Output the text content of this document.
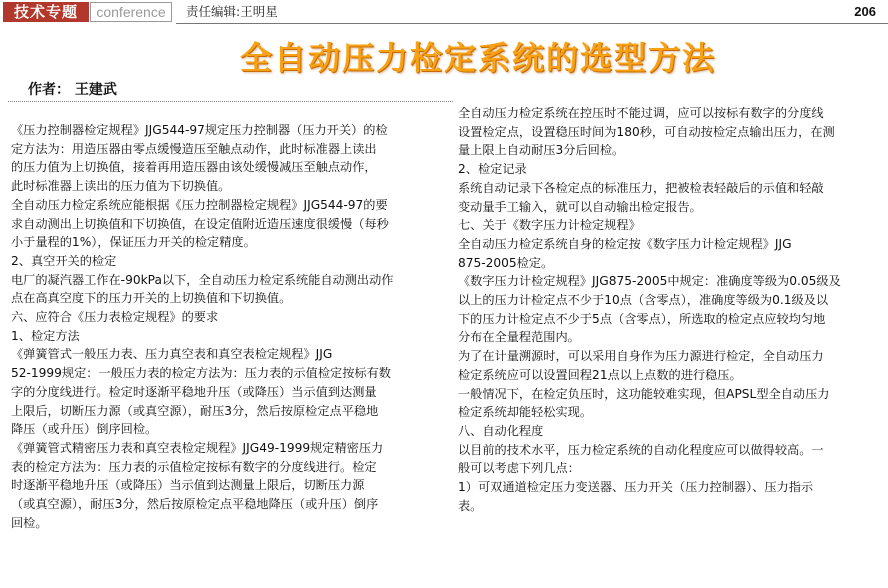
技术专题	conference	责任编辑:王明星	206
全自动压力检定系统的选型方法
作者： 王建武

《压力控制器检定规程》JJG544-97规定压力控制器（压力开关）的检

定方法为：用造压器由零点缓慢造压至触点动作，此时标准器上读出

的压力值为上切换值，接着再用造压器由该处缓慢减压至触点动作，

此时标准器上读出的压力值为下切换值。

全自动压力检定系统应能根据《压力控制器检定规程》JJG544-97的要

求自动测出上切换值和下切换值，在设定值附近造压速度很缓慢（每秒

小于量程的1%），保证压力开关的检定精度。

2、真空开关的检定

电厂的凝汽器工作在-90kPa以下，全自动压力检定系统能自动测出动作

点在高真空度下的压力开关的上切换值和下切换值。

六、应符合《压力表检定规程》的要求

1、检定方法

《弹簧管式一般压力表、压力真空表和真空表检定规程》JJG

52-1999规定：一般压力表的检定方法为：压力表的示值检定按标有数

字的分度线进行。检定时逐渐平稳地升压（或降压）当示值到达测量

上限后，切断压力源（或真空源），耐压3分，然后按原检定点平稳地

降压（或升压）倒序回检。

《弹簧管式精密压力表和真空表检定规程》JJG49-1999规定精密压力

表的检定方法为：压力表的示值检定按标有数字的分度线进行。检定

时逐渐平稳地升压（或降压）当示值到达测量上限后，切断压力源

（或真空源），耐压3分，然后按原检定点平稳地降压（或升压）倒序

回检。

全自动压力检定系统在控压时不能过调，应可以按标有数字的分度线

设置检定点，设置稳压时间为180秒，可自动按检定点输出压力，在测

量上限上自动耐压3分后回检。

2、检定记录

系统自动记录下各检定点的标准压力，把被检表轻敲后的示值和轻敲

变动量手工输入，就可以自动输出检定报告。

七、关于《数字压力计检定规程》

全自动压力检定系统自身的检定按《数字压力计检定规程》JJG

875-2005检定。

《数字压力计检定规程》JJG875-2005中规定：准确度等级为0.05级及

以上的压力计检定点不少于10点（含零点），准确度等级为0.1级及以

下的压力计检定点不少于5点（含零点），所选取的检定点应较均匀地

分布在全量程范围内。

为了在计量溯源时，可以采用自身作为压力源进行检定，全自动压力

检定系统应可以设置回程21点以上点数的进行稳压。

一般情况下，在检定负压时，这功能较难实现，但APSL型全自动压力

检定系统却能轻松实现。

八、自动化程度

以目前的技术水平，压力检定系统的自动化程度应可以做得较高。一

般可以考虑下列几点：

1）可双通道检定压力变送器、压力开关（压力控制器）、压力指示

表。
